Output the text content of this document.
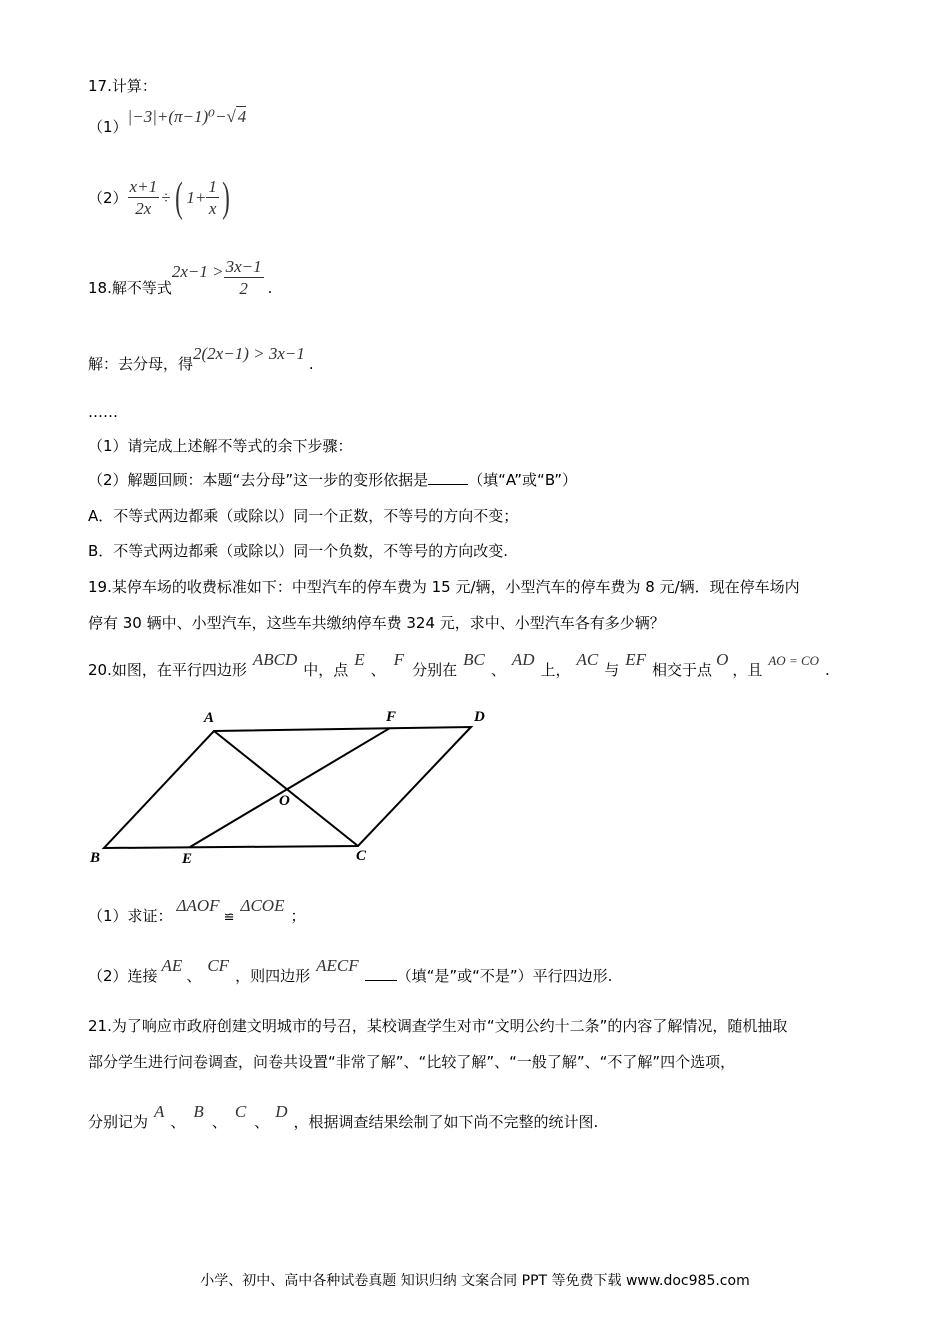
17.计算：
（1）|−3|+(π−1)⁰−√ 4
$(2) \frac{x+1}{2x}$ ÷ ( $1+ \frac{1}{x}$ )
18.解不等式
$2x-1 > \frac{3x-1}{2}$ .
解：去分母，得2(2x−1) > 3x−1.
……
（1）请完成上述解不等式的余下步骤：
（2）解题回顾：本题“去分母”这一步的变形依据是	（填“A”或“B”）
A．不等式两边都乘（或除以）同一个正数，不等号的方向不变；
B．不等式两边都乘（或除以）同一个负数，不等号的方向改变.
19.某停车场的收费标准如下：中型汽车的停车费为 15 元/辆，小型汽车的停车费为 8 元/辆．现在停车场内
停有 30 辆中、小型汽车，这些车共缴纳停车费 324 元，求中、小型汽车各有多少辆？
20.如图，在平行四边形ABCD中，点E、F分别在BC、AD上，AC与EF相交于点O，且AO = CO.
A	F	D
O
B	E	C
（1）求证：ΔAOF≌ΔCOE；
（2）连接AE、CF，则四边形AECF（填“是”或“不是”）平行四边形.
21.为了响应市政府创建文明城市的号召，某校调查学生对市“文明公约十二条”的内容了解情况，随机抽取
部分学生进行问卷调查，问卷共设置“非常了解”、“比较了解”、“一般了解”、“不了解”四个选项，
分别记为A、B、C、D，根据调查结果绘制了如下尚不完整的统计图.
小学、初中、高中各种试卷真题 知识归纳 文案合同 PPT 等免费下载 www.doc985.com
